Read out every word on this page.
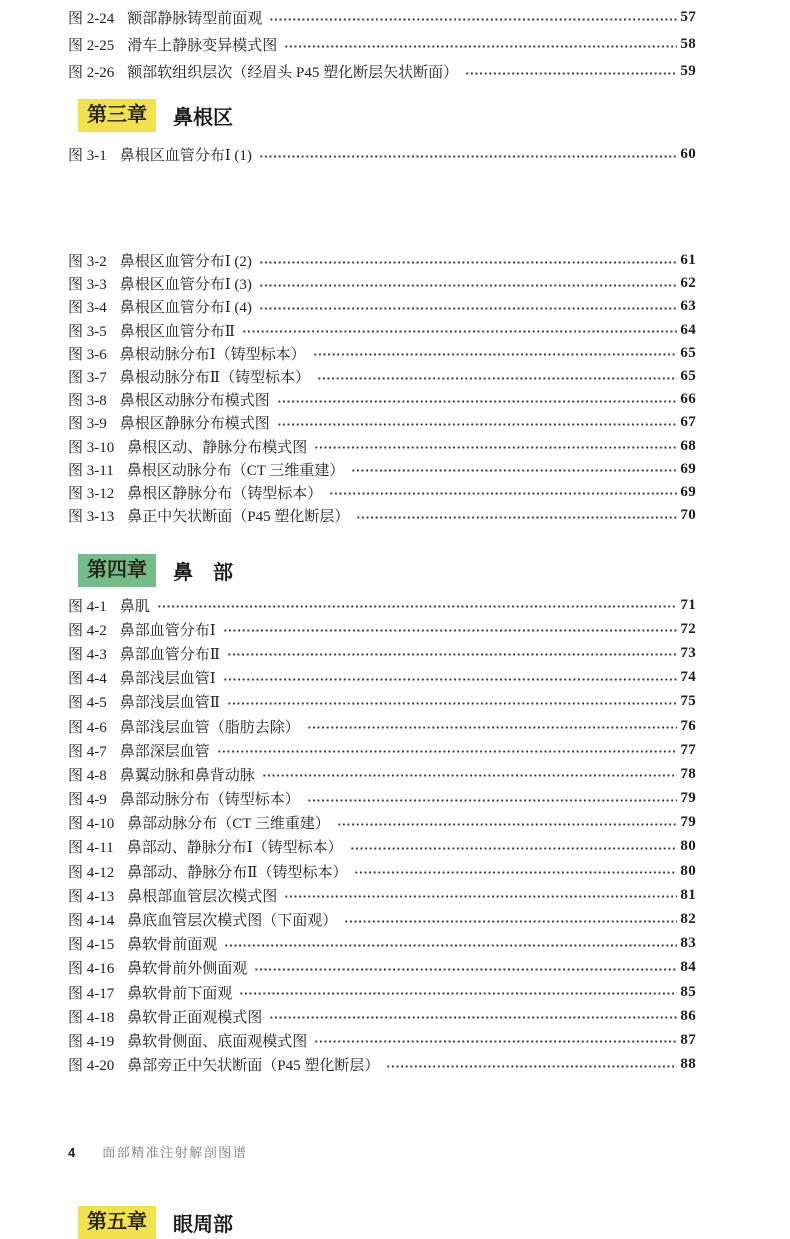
图 2-24 额部静脉铸型前面观	57
图 2-25 滑车上静脉变异模式图	58
图 2-26 额部软组织层次（经眉头 P45 塑化断层矢状断面）	59
第三章	鼻根区
图 3-1 鼻根区血管分布Ⅰ (1)	60
图 3-2 鼻根区血管分布Ⅰ (2)	61
图 3-3 鼻根区血管分布Ⅰ (3)	62
图 3-4 鼻根区血管分布Ⅰ (4)	63
图 3-5 鼻根区血管分布Ⅱ	64
图 3-6 鼻根动脉分布Ⅰ（铸型标本）	65
图 3-7 鼻根动脉分布Ⅱ（铸型标本）	65
图 3-8 鼻根区动脉分布模式图	66
图 3-9 鼻根区静脉分布模式图	67
图 3-10 鼻根区动、静脉分布模式图	68
图 3-11 鼻根区动脉分布（CT 三维重建）	69
图 3-12 鼻根区静脉分布（铸型标本）	69
图 3-13 鼻正中矢状断面（P45 塑化断层）	70
第四章	鼻　部
图 4-1 鼻肌	71
图 4-2 鼻部血管分布Ⅰ	72
图 4-3 鼻部血管分布Ⅱ	73
图 4-4 鼻部浅层血管Ⅰ	74
图 4-5 鼻部浅层血管Ⅱ	75
图 4-6 鼻部浅层血管（脂肪去除）	76
图 4-7 鼻部深层血管	77
图 4-8 鼻翼动脉和鼻背动脉	78
图 4-9 鼻部动脉分布（铸型标本）	79
图 4-10 鼻部动脉分布（CT 三维重建）	79
图 4-11 鼻部动、静脉分布Ⅰ（铸型标本）	80
图 4-12 鼻部动、静脉分布Ⅱ（铸型标本）	80
图 4-13 鼻根部血管层次模式图	81
图 4-14 鼻底血管层次模式图（下面观）	82
图 4-15 鼻软骨前面观	83
图 4-16 鼻软骨前外侧面观	84
图 4-17 鼻软骨前下面观	85
图 4-18 鼻软骨正面观模式图	86
图 4-19 鼻软骨侧面、底面观模式图	87
图 4-20 鼻部旁正中矢状断面（P45 塑化断层）	88
4 面部精准注射解剖图谱
第五章	眼周部
